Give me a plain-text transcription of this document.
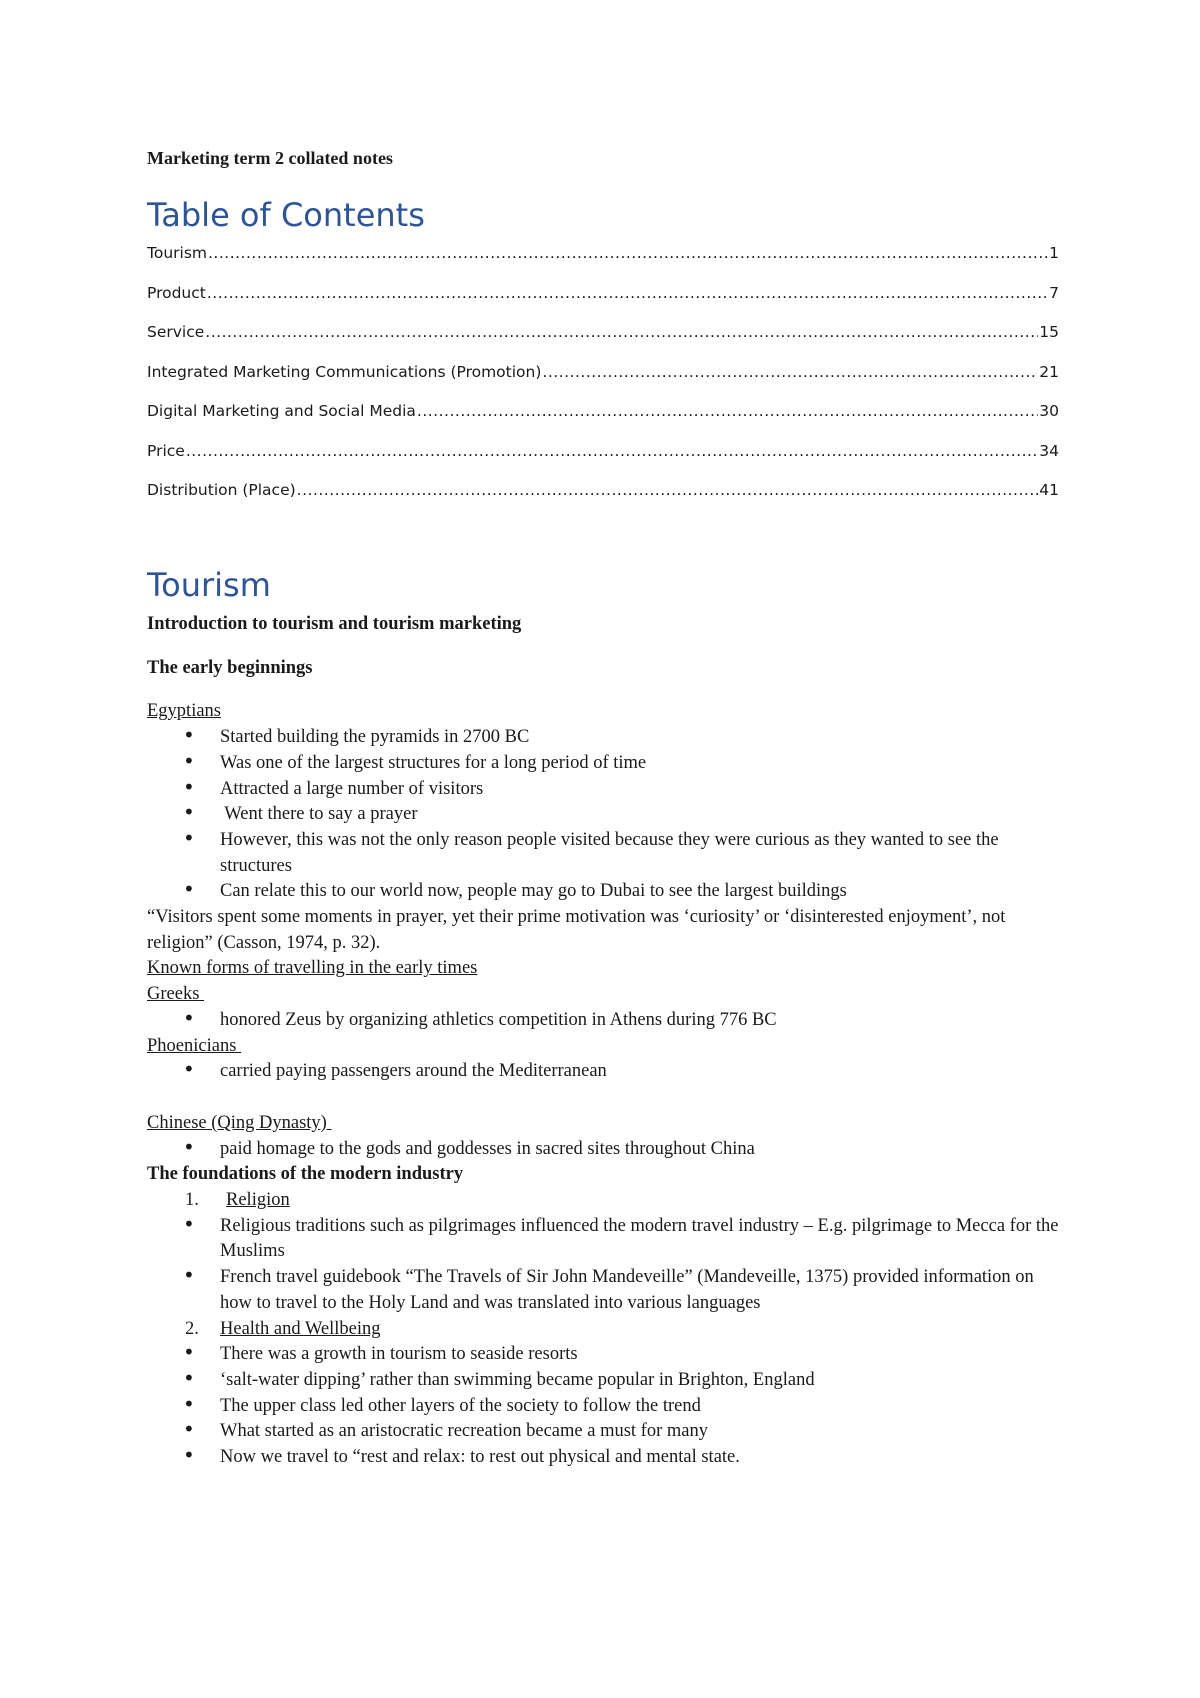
Marketing term 2 collated notes
Table of Contents
Tourism .....	1
Product .....	7
Service .....	15
Integrated Marketing Communications (Promotion) .....	21
Digital Marketing and Social Media .....	30
Price .....	34
Distribution (Place) .....	41
Tourism

Introduction to tourism and tourism marketing

The early beginnings

Egyptians

• Started building the pyramids in 2700 BC
• Was one of the largest structures for a long period of time
• Attracted a large number of visitors
•  Went there to say a prayer
• However, this was not the only reason people visited because they were curious as they wanted to see the structures
• Can relate this to our world now, people may go to Dubai to see the largest buildings

“Visitors spent some moments in prayer, yet their prime motivation was ‘curiosity’ or ‘disinterested enjoyment’, not religion” (Casson, 1974, p. 32).

Known forms of travelling in the early times

Greeks

• honored Zeus by organizing athletics competition in Athens during 776 BC

Phoenicians

• carried paying passengers around the Mediterranean

Chinese (Qing Dynasty)

• paid homage to the gods and goddesses in sacred sites throughout China

The foundations of the modern industry

1. Religion
• Religious traditions such as pilgrimages influenced the modern travel industry – E.g. pilgrimage to Mecca for the Muslims
• French travel guidebook “The Travels of Sir John Mandeveille” (Mandeveille, 1375) provided information on how to travel to the Holy Land and was translated into various languages
2. Health and Wellbeing
• There was a growth in tourism to seaside resorts
• ‘salt-water dipping’ rather than swimming became popular in Brighton, England
• The upper class led other layers of the society to follow the trend
• What started as an aristocratic recreation became a must for many
• Now we travel to “rest and relax: to rest out physical and mental state.
